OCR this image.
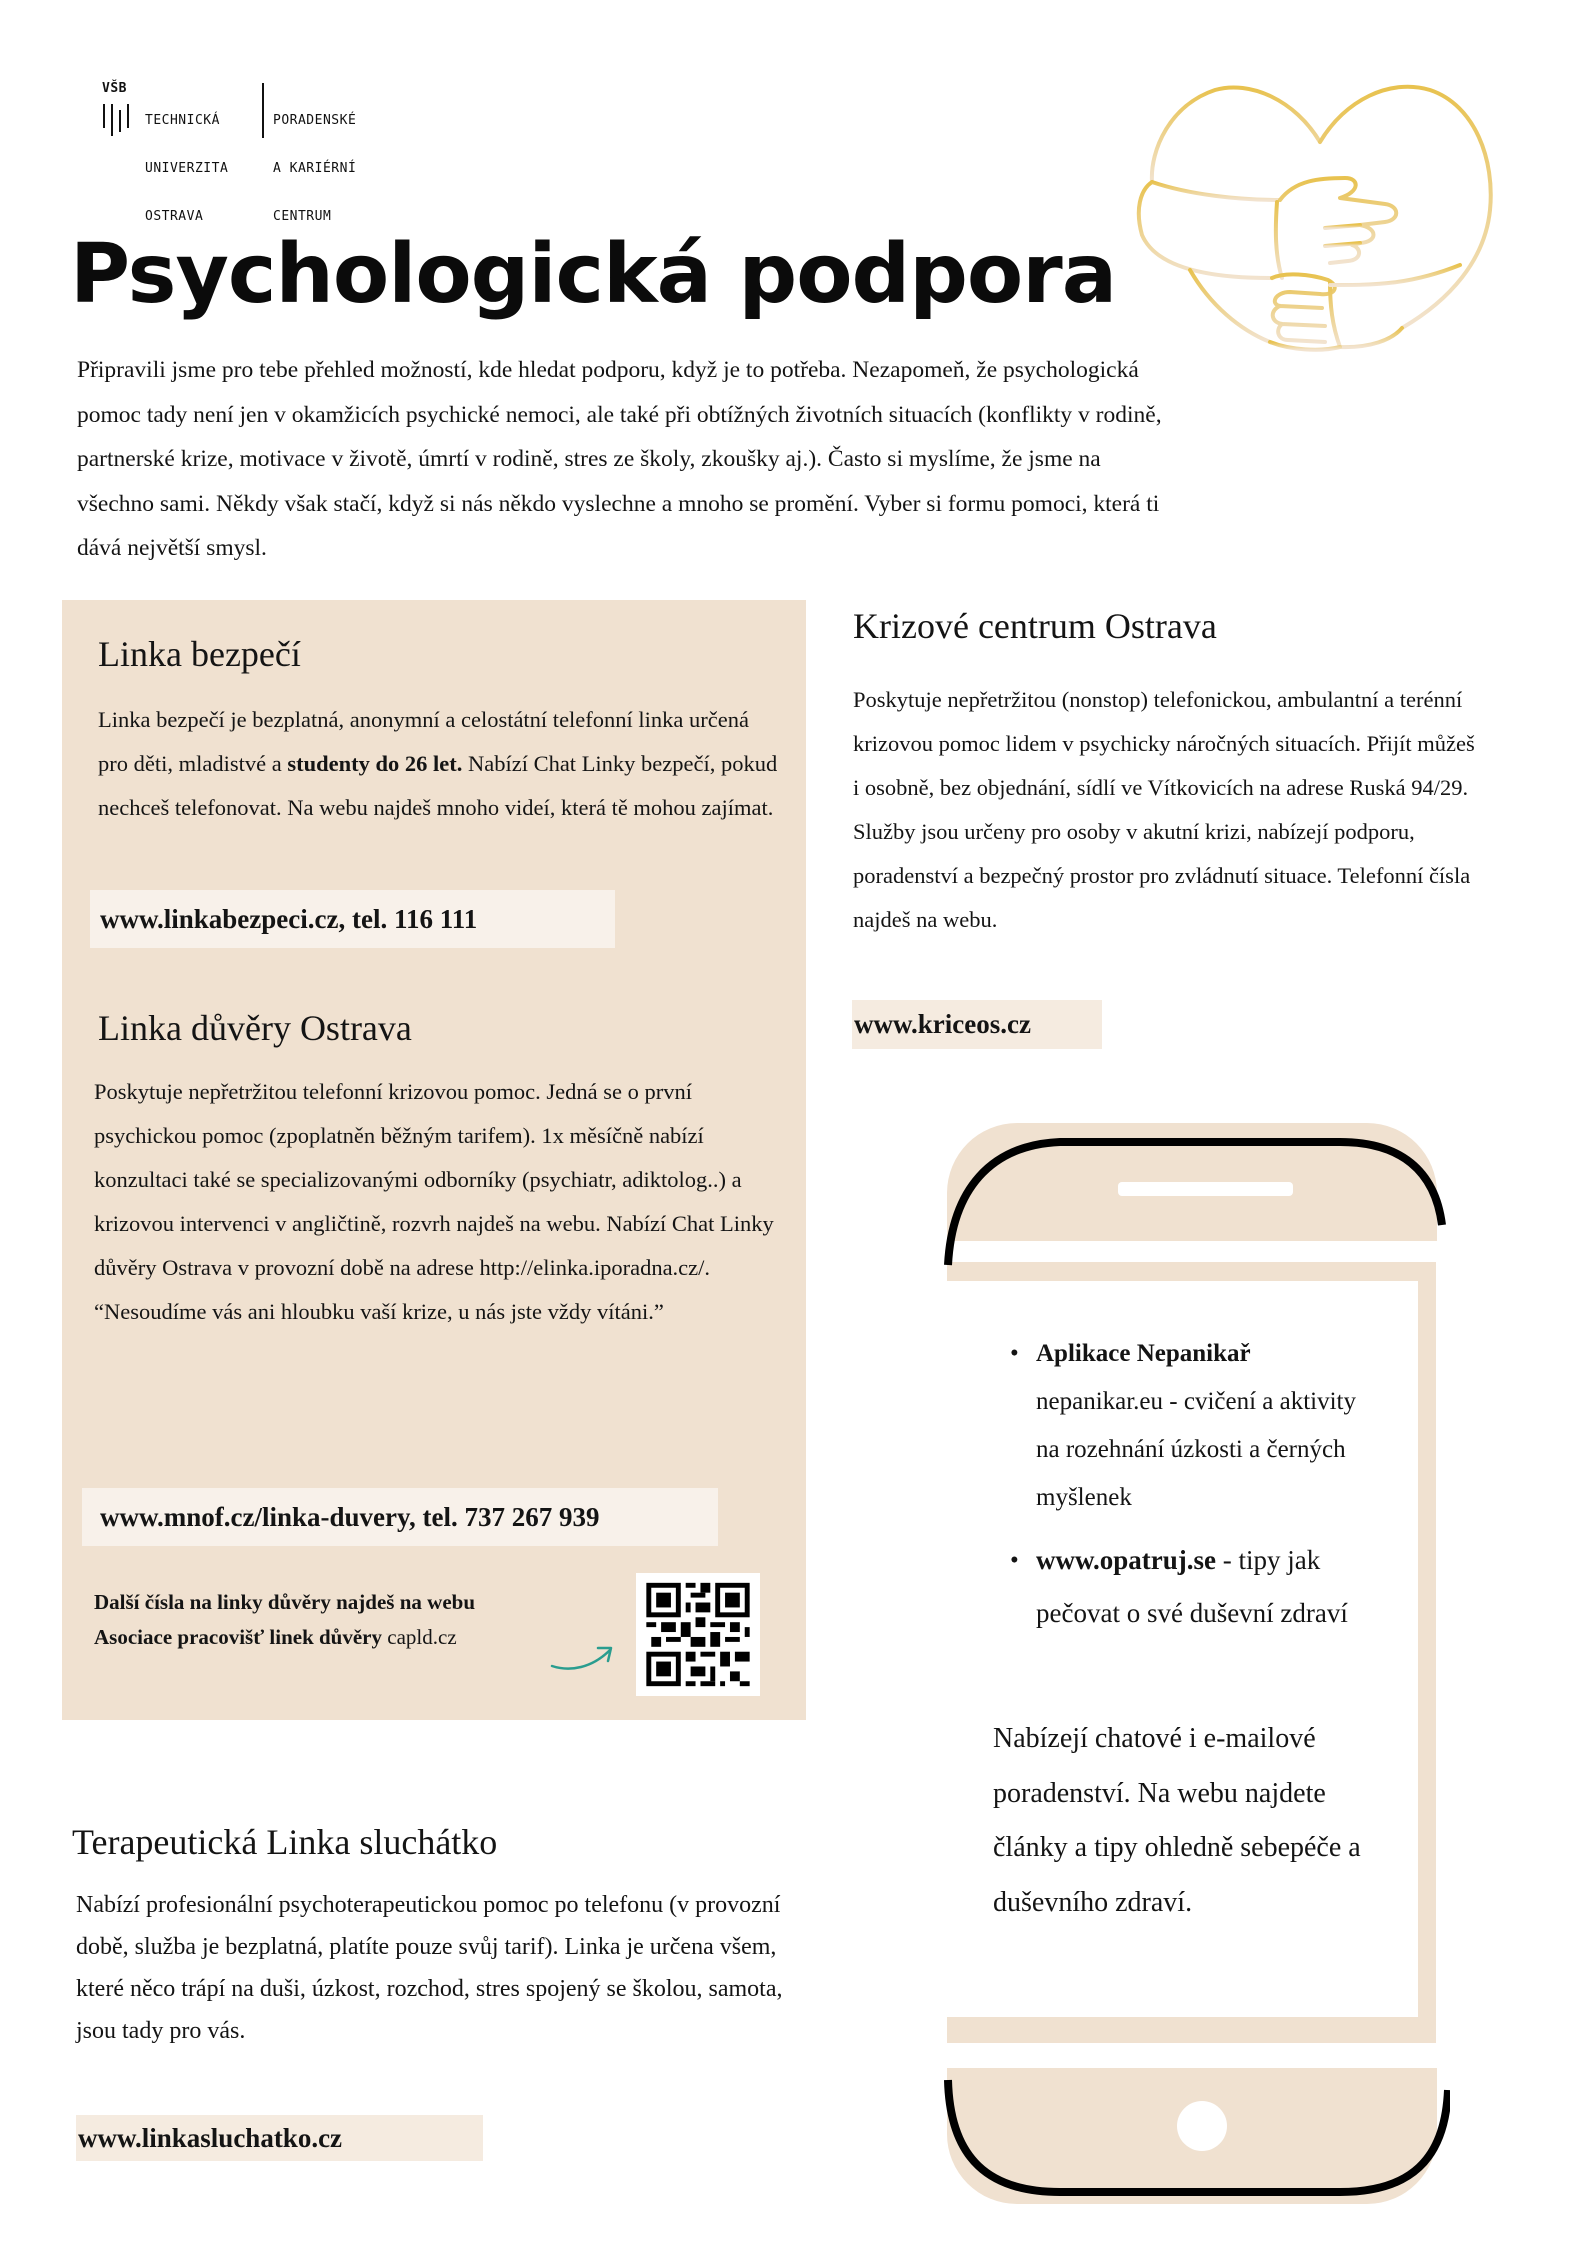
VŠB

TECHNICKÁ

UNIVERZITA

OSTRAVA

PORADENSKÉ

A KARIÉRNÍ

CENTRUM

Psychologická podpora

Připravili jsme pro tebe přehled možností, kde hledat podporu, když je to potřeba. Nezapomeň, že psychologická pomoc tady není jen v okamžicích psychické nemoci, ale také při obtížných životních situacích (konflikty v rodině, partnerské krize, motivace v životě, úmrtí v rodině, stres ze školy, zkoušky aj.). Často si myslíme, že jsme na všechno sami. Někdy však stačí, když si nás někdo vyslechne a mnoho se promění. Vyber si formu pomoci, která ti dává největší smysl.

Linka bezpečí

Linka bezpečí je bezplatná, anonymní a celostátní telefonní linka určená pro děti, mladistvé a studenty do 26 let. Nabízí Chat Linky bezpečí, pokud nechceš telefonovat. Na webu najdeš mnoho videí, která tě mohou zajímat.

www.linkabezpeci.cz, tel. 116 111
Linka důvěry Ostrava
Poskytuje nepřetržitou telefonní krizovou pomoc. Jedná se o první psychickou pomoc (zpoplatněn běžným tarifem). 1x měsíčně nabízí konzultaci také se specializovanými odborníky (psychiatr, adiktolog..) a krizovou intervenci v angličtině, rozvrh najdeš na webu. Nabízí Chat Linky důvěry Ostrava v provozní době na adrese http://elinka.iporadna.cz/.
“Nesoudíme vás ani hloubku vaší krize, u nás jste vždy vítáni.”
www.mnof.cz/linka-duvery, tel. 737 267 939
Další čísla na linky důvěry najdeš na webu
Asociace pracovišť linek důvěry capld.cz
Krizové centrum Ostrava

Poskytuje nepřetržitou (nonstop) telefonickou, ambulantní a terénní krizovou pomoc lidem v psychicky náročných situacích. Přijít můžeš i osobně, bez objednání, sídlí ve Vítkovicích na adrese Ruská 94/29. Služby jsou určeny pro osoby v akutní krizi, nabízejí podporu, poradenství a bezpečný prostor pro zvládnutí situace. Telefonní čísla najdeš na webu.

www.kriceos.cz
• Aplikace Nepanikař
nepanikar.eu - cvičení a aktivity na rozehnání úzkosti a černých myšlenek
• www.opatruj.se - tipy jak pečovat o své duševní zdraví

Nabízejí chatové i e-mailové poradenství. Na webu najdete články a tipy ohledně sebepéče a duševního zdraví.

Terapeutická Linka sluchátko

Nabízí profesionální psychoterapeutickou pomoc po telefonu (v provozní době, služba je bezplatná, platíte pouze svůj tarif). Linka je určena všem, které něco trápí na duši, úzkost, rozchod, stres spojený se školou, samota, jsou tady pro vás.

www.linkasluchatko.cz
